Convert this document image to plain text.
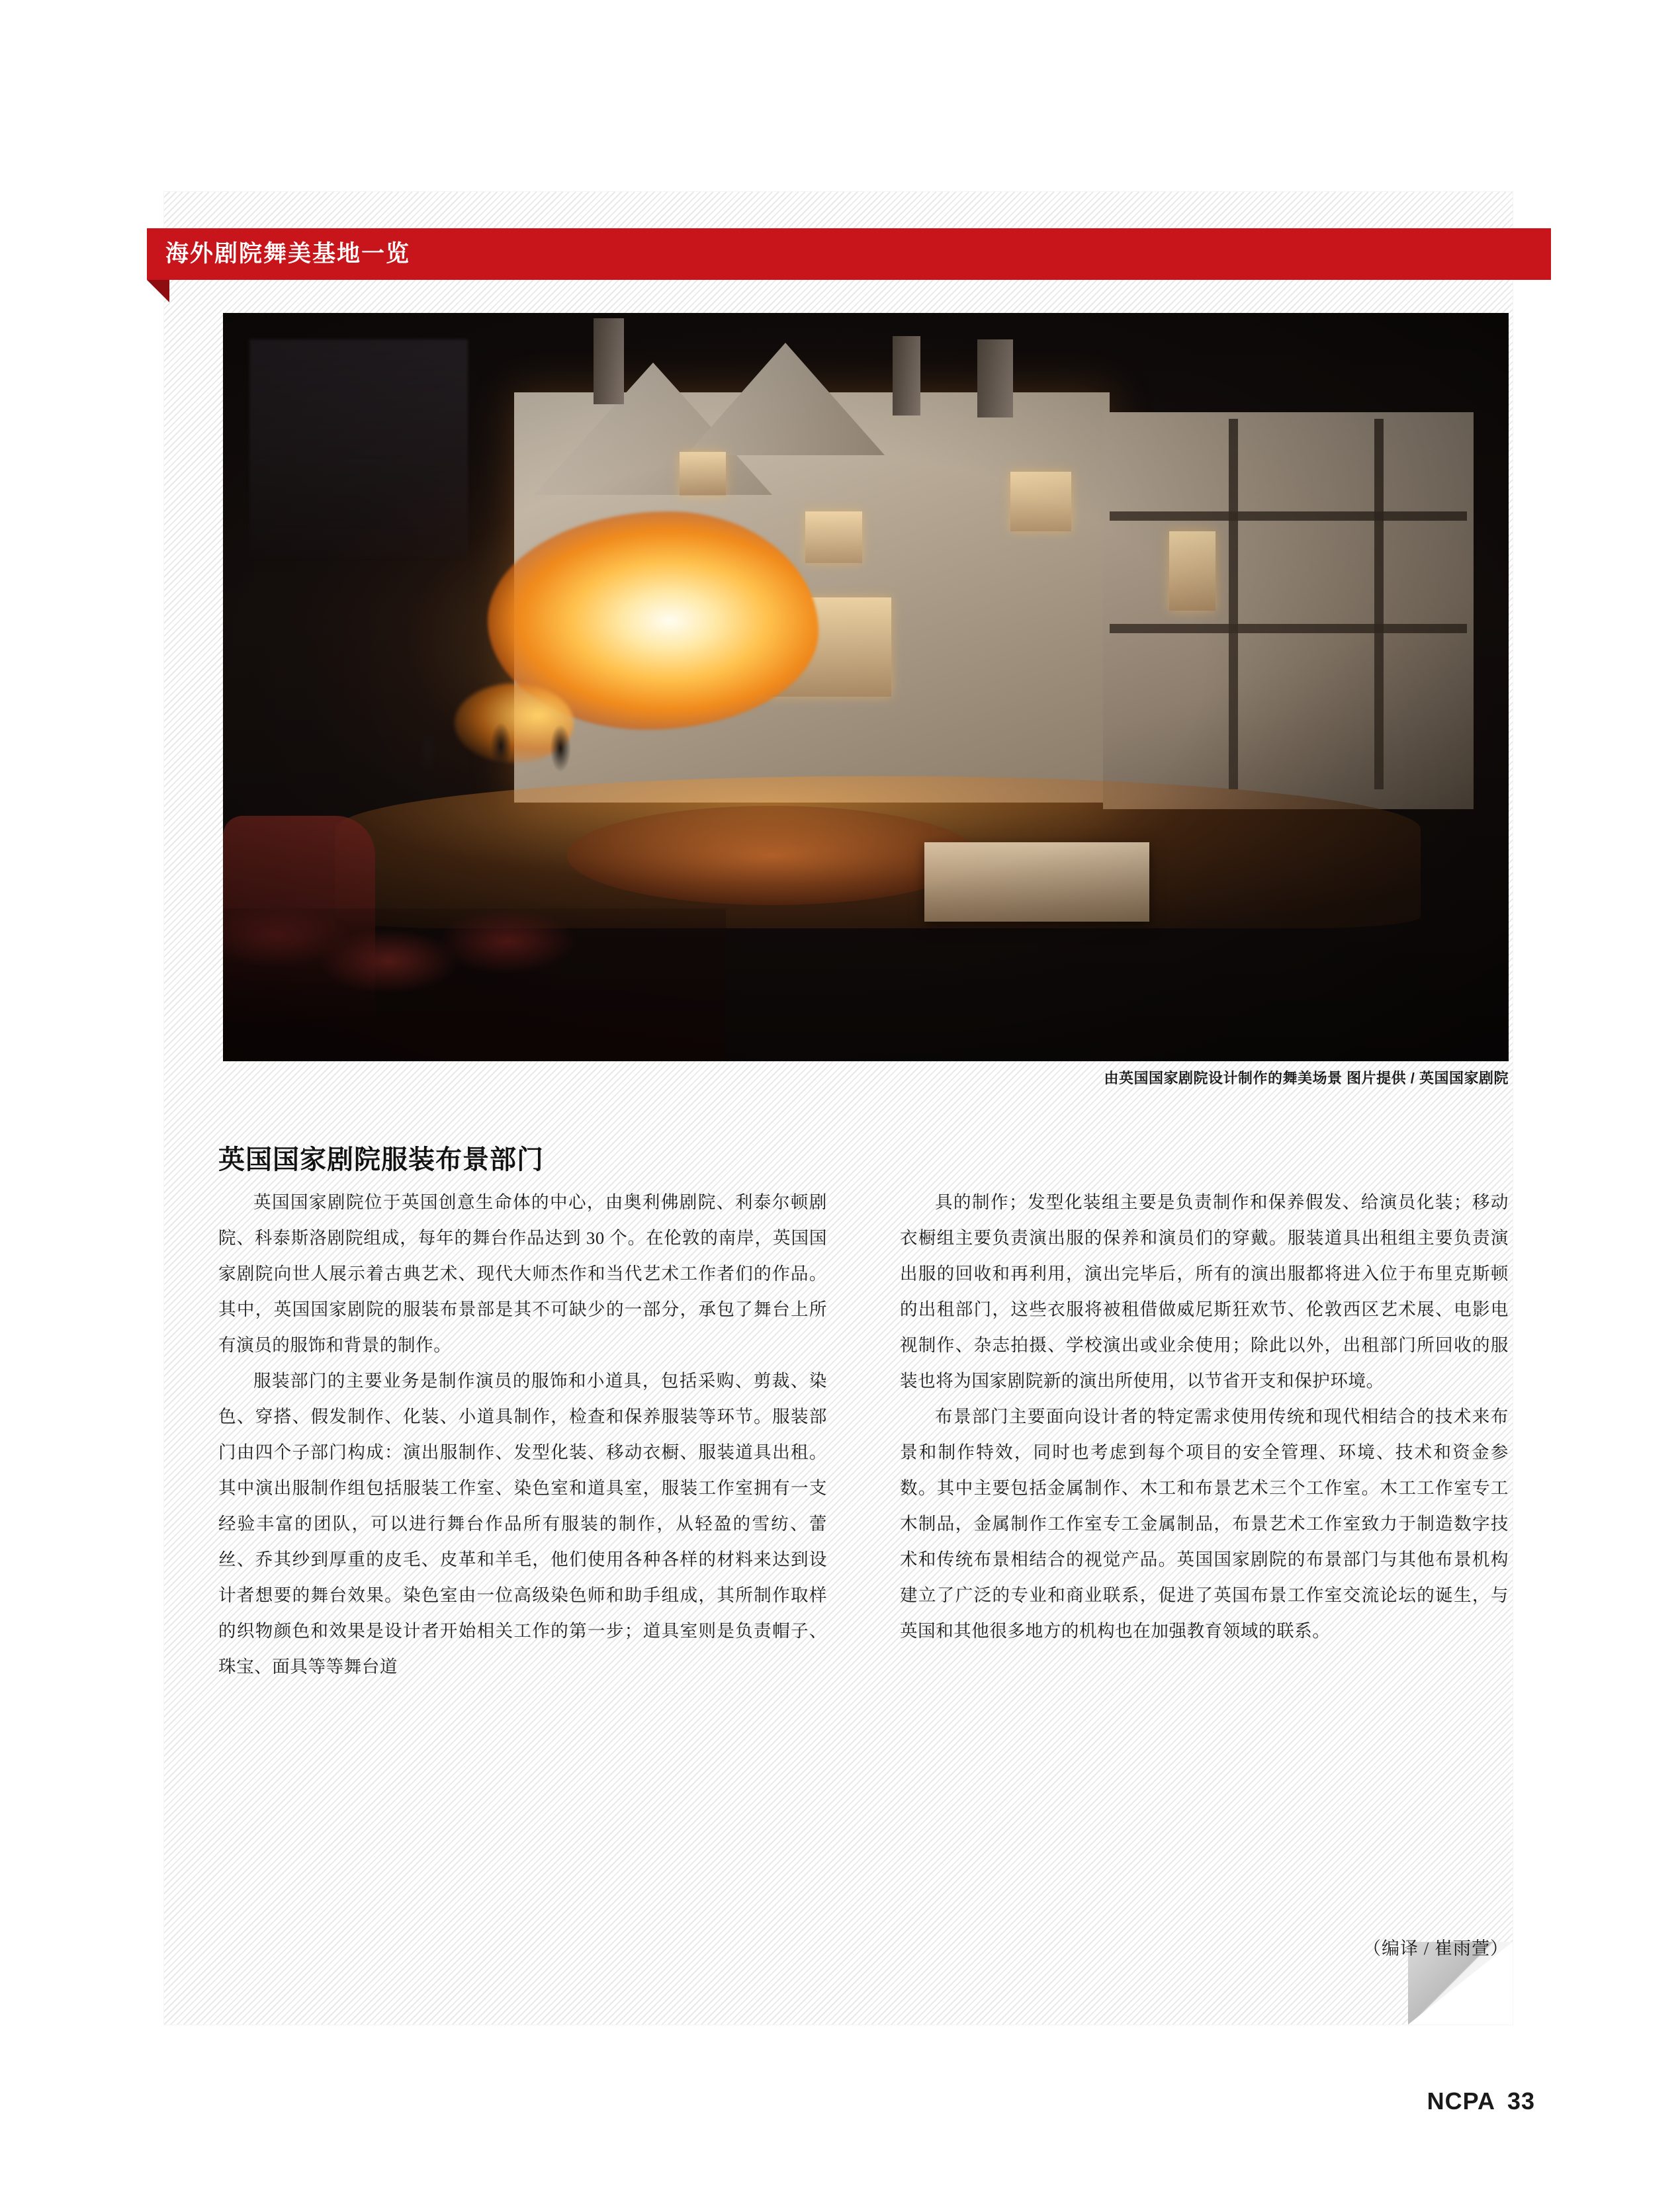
海外剧院舞美基地一览
由英国国家剧院设计制作的舞美场景 图片提供 / 英国国家剧院
英国国家剧院服装布景部门

英国国家剧院位于英国创意生命体的中心，由奥利佛剧院、利泰尔顿剧院、科泰斯洛剧院组成，每年的舞台作品达到 30 个。在伦敦的南岸，英国国家剧院向世人展示着古典艺术、现代大师杰作和当代艺术工作者们的作品。其中，英国国家剧院的服装布景部是其不可缺少的一部分，承包了舞台上所有演员的服饰和背景的制作。

服装部门的主要业务是制作演员的服饰和小道具，包括采购、剪裁、染色、穿搭、假发制作、化装、小道具制作，检查和保养服装等环节。服装部门由四个子部门构成：演出服制作、发型化装、移动衣橱、服装道具出租。其中演出服制作组包括服装工作室、染色室和道具室，服装工作室拥有一支经验丰富的团队，可以进行舞台作品所有服装的制作，从轻盈的雪纺、蕾丝、乔其纱到厚重的皮毛、皮革和羊毛，他们使用各种各样的材料来达到设计者想要的舞台效果。染色室由一位高级染色师和助手组成，其所制作取样的织物颜色和效果是设计者开始相关工作的第一步；道具室则是负责帽子、珠宝、面具等等舞台道

具的制作；发型化装组主要是负责制作和保养假发、给演员化装；移动衣橱组主要负责演出服的保养和演员们的穿戴。服装道具出租组主要负责演出服的回收和再利用，演出完毕后，所有的演出服都将进入位于布里克斯顿的出租部门，这些衣服将被租借做威尼斯狂欢节、伦敦西区艺术展、电影电视制作、杂志拍摄、学校演出或业余使用；除此以外，出租部门所回收的服装也将为国家剧院新的演出所使用，以节省开支和保护环境。

布景部门主要面向设计者的特定需求使用传统和现代相结合的技术来布景和制作特效，同时也考虑到每个项目的安全管理、环境、技术和资金参数。其中主要包括金属制作、木工和布景艺术三个工作室。木工工作室专工木制品，金属制作工作室专工金属制品，布景艺术工作室致力于制造数字技术和传统布景相结合的视觉产品。英国国家剧院的布景部门与其他布景机构建立了广泛的专业和商业联系，促进了英国布景工作室交流论坛的诞生，与英国和其他很多地方的机构也在加强教育领域的联系。

（编译 / 崔雨萱）
NCPA 33
